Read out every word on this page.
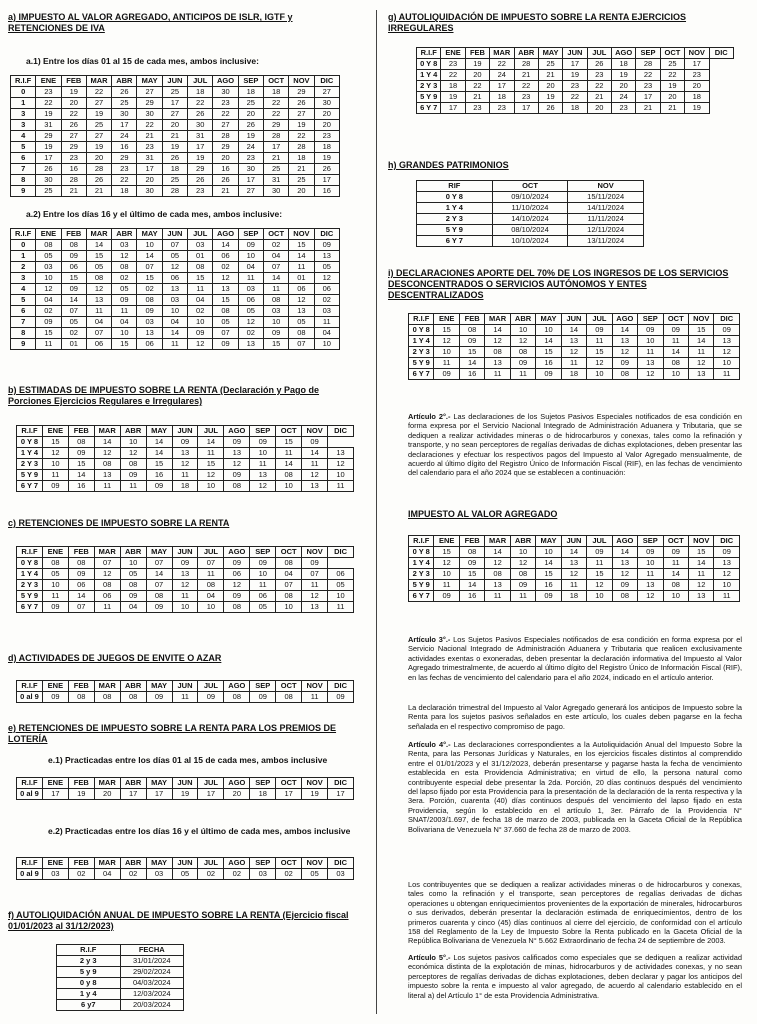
a) IMPUESTO AL VALOR AGREGADO, ANTICIPOS DE ISLR, IGTF y RETENCIONES DE IVA

a.1) Entre los días 01 al 15 de cada mes, ambos inclusive:

R.I.F	ENE	FEB	MAR	ABR	MAY	JUN	JUL	AGO	SEP	OCT	NOV	DIC
0	23	19	22	26	27	25	18	30	18	18	29	27
1	22	20	27	25	29	17	22	23	25	22	26	30
3	19	22	19	30	30	27	26	22	20	22	27	20
3	31	26	25	17	22	20	30	27	26	29	19	20
4	29	27	27	24	21	21	31	28	19	28	22	23
5	19	29	19	16	23	19	17	29	24	17	28	18
6	17	23	20	29	31	26	19	20	23	21	18	19
7	26	16	28	23	17	18	29	16	30	25	21	26
8	30	28	26	22	20	25	26	26	17	31	25	17
9	25	21	21	18	30	28	23	21	27	30	20	16

a.2) Entre los días 16 y el último de cada mes, ambos inclusive:

R.I.F	ENE	FEB	MAR	ABR	MAY	JUN	JUL	AGO	SEP	OCT	NOV	DIC
0	08	08	14	03	10	07	03	14	09	02	15	09
1	05	09	15	12	14	05	01	06	10	04	14	13
2	03	06	05	08	07	12	08	02	04	07	11	05
3	10	15	08	02	15	06	15	12	11	14	01	12
4	12	09	12	05	02	13	11	13	03	11	06	06
5	04	14	13	09	08	03	04	15	06	08	12	02
6	02	07	11	11	09	10	02	08	05	03	13	03
7	09	05	04	04	03	04	10	05	12	10	05	11
8	15	02	07	10	13	14	09	07	02	09	08	04
9	11	01	06	15	06	11	12	09	13	15	07	10

b) ESTIMADAS DE IMPUESTO SOBRE LA RENTA (Declaración y Pago de Porciones Ejercicios Regulares e Irregulares)

R.I.F	ENE	FEB	MAR	ABR	MAY	JUN	JUL	AGO	SEP	OCT	NOV	DIC
0 Y 8	15	08	14	10	14	09	14	09	09	15	09	
1 Y 4	12	09	12	12	14	13	11	13	10	11	14	13
2 Y 3	10	15	08	08	15	12	15	12	11	14	11	12
5 Y 9	11	14	13	09	16	11	12	09	13	08	12	10
6 Y 7	09	16	11	11	09	18	10	08	12	10	13	11

c) RETENCIONES DE IMPUESTO SOBRE LA RENTA

R.I.F	ENE	FEB	MAR	ABR	MAY	JUN	JUL	AGO	SEP	OCT	NOV	DIC
0 Y 8	08	08	07	10	07	09	07	09	09	08	09	
1 Y 4	05	09	12	05	14	13	11	06	10	04	07	06
2 Y 3	10	06	08	08	07	12	08	12	11	07	11	05
5 Y 9	11	14	06	09	08	11	04	09	06	08	12	10
6 Y 7	09	07	11	04	09	10	10	08	05	10	13	11

d) ACTIVIDADES DE JUEGOS DE ENVITE O AZAR

R.I.F	ENE	FEB	MAR	ABR	MAY	JUN	JUL	AGO	SEP	OCT	NOV	DIC
0 al 9	09	08	08	08	09	11	09	08	09	08	11	09

e) RETENCIONES DE IMPUESTO SOBRE LA RENTA PARA LOS PREMIOS DE LOTERÍA

e.1) Practicadas entre los días 01 al 15 de cada mes, ambos inclusive

R.I.F	ENE	FEB	MAR	ABR	MAY	JUN	JUL	AGO	SEP	OCT	NOV	DIC
0 al 9	17	19	20	17	17	19	17	20	18	17	19	17

e.2) Practicadas entre los días 16 y el último de cada mes, ambos inclusive

R.I.F	ENE	FEB	MAR	ABR	MAY	JUN	JUL	AGO	SEP	OCT	NOV	DIC
0 al 9	03	02	04	02	03	05	02	02	03	02	05	03

f) AUTOLIQUIDACIÓN ANUAL DE IMPUESTO SOBRE LA RENTA (Ejercicio fiscal 01/01/2023 al 31/12/2023)

R.I.F	FECHA
2 y 3	31/01/2024
5 y 9	29/02/2024
0 y 8	04/03/2024
1 y 4	12/03/2024
6 y7	20/03/2024

g) AUTOLIQUIDACIÓN DE IMPUESTO SOBRE LA RENTA EJERCICIOS IRREGULARES

R.I.F	ENE	FEB	MAR	ABR	MAY	JUN	JUL	AGO	SEP	OCT	NOV	DIC
0 Y 8	23	19	22	28	25	17	26	18	28	25	17	
1 Y 4	22	20	24	21	21	19	23	19	22	22	23	
2 Y 3	18	22	17	22	20	23	22	20	23	19	20	
5 Y 9	19	21	18	23	19	22	21	24	17	20	18	
6 Y 7	17	23	23	17	26	18	20	23	21	21	19	

h) GRANDES PATRIMONIOS

RIF	OCT	NOV
0 Y 8	09/10/2024	15/11/2024
1 Y 4	11/10/2024	14/11/2024
2 Y 3	14/10/2024	11/11/2024
5 Y 9	08/10/2024	12/11/2024
6 Y 7	10/10/2024	13/11/2024

i) DECLARACIONES APORTE DEL 70% DE LOS INGRESOS DE LOS SERVICIOS DESCONCENTRADOS O SERVICIOS AUTÓNOMOS Y ENTES DESCENTRALIZADOS

R.I.F	ENE	FEB	MAR	ABR	MAY	JUN	JUL	AGO	SEP	OCT	NOV	DIC
0 Y 8	15	08	14	10	10	14	09	14	09	09	15	09
1 Y 4	12	09	12	12	14	13	11	13	10	11	14	13
2 Y 3	10	15	08	08	15	12	15	12	11	14	11	12
5 Y 9	11	14	13	09	16	11	12	09	13	08	12	10
6 Y 7	09	16	11	11	09	18	10	08	12	10	13	11

Artículo 2°.- Las declaraciones de los Sujetos Pasivos Especiales notificados de esa condición en forma expresa por el Servicio Nacional Integrado de Administración Aduanera y Tributaria, que se dediquen a realizar actividades mineras o de hidrocarburos y conexas, tales como la refinación y transporte, y no sean perceptores de regalías derivadas de dichas explotaciones, deben presentar las declaraciones y efectuar los respectivos pagos del Impuesto al Valor Agregado mensualmente, de acuerdo al último dígito del Registro Único de Información Fiscal (RIF), en las fechas de vencimiento del calendario para el año 2024 que se establecen a continuación:

IMPUESTO AL VALOR AGREGADO

R.I.F	ENE	FEB	MAR	ABR	MAY	JUN	JUL	AGO	SEP	OCT	NOV	DIC
0 Y 8	15	08	14	10	10	14	09	14	09	09	15	09
1 Y 4	12	09	12	12	14	13	11	13	10	11	14	13
2 Y 3	10	15	08	08	15	12	15	12	11	14	11	12
5 Y 9	11	14	13	09	16	11	12	09	13	08	12	10
6 Y 7	09	16	11	11	09	18	10	08	12	10	13	11

Artículo 3°.- Los Sujetos Pasivos Especiales notificados de esa condición en forma expresa por el Servicio Nacional Integrado de Administración Aduanera y Tributaria que realicen exclusivamente actividades exentas o exoneradas, deben presentar la declaración informativa del Impuesto al Valor Agregado trimestralmente, de acuerdo al último dígito del Registro Único de Información Fiscal (RIF), en las fechas de vencimiento del calendario para el año 2024, indicado en el artículo anterior.

La declaración trimestral del Impuesto al Valor Agregado generará los anticipos de Impuesto sobre la Renta para los sujetos pasivos señalados en este artículo, los cuales deben pagarse en la fecha señalada en el respectivo compromiso de pago.

Artículo 4°.- Las declaraciones correspondientes a la Autoliquidación Anual del Impuesto Sobre la Renta, para las Personas Jurídicas y Naturales, en los ejercicios fiscales distintos al comprendido entre el 01/01/2023 y el 31/12/2023, deberán presentarse y pagarse hasta la fecha de vencimiento establecida en esta Providencia Administrativa; en virtud de ello, la persona natural como contribuyente especial debe presentar la 2da. Porción, 20 días continuos después del vencimiento del lapso fijado por esta Providencia para la presentación de la declaración de la renta respectiva y la 3era. Porción, cuarenta (40) días continuos después del vencimiento del lapso fijado en esta Providencia, según lo establecido en el artículo 1, 3er. Párrafo de la Providencia N° SNAT/2003/1.697, de fecha 18 de marzo de 2003, publicada en la Gaceta Oficial de la República Bolivariana de Venezuela N° 37.660 de fecha 28 de marzo de 2003.

Los contribuyentes que se dediquen a realizar actividades mineras o de hidrocarburos y conexas, tales como la refinación y el transporte, sean perceptores de regalías derivadas de dichas operaciones u obtengan enriquecimientos provenientes de la exportación de minerales, hidrocarburos o sus derivados, deberán presentar la declaración estimada de enriquecimientos, dentro de los primeros cuarenta y cinco (45) días continuos al cierre del ejercicio, de conformidad con el artículo 158 del Reglamento de la Ley de Impuesto Sobre la Renta publicado en la Gaceta Oficial de la República Bolivariana de Venezuela N° 5.662 Extraordinario de fecha 24 de septiembre de 2003.

Artículo 5°.- Los sujetos pasivos calificados como especiales que se dediquen a realizar actividad económica distinta de la explotación de minas, hidrocarburos y de actividades conexas, y no sean perceptores de regalías derivadas de dichas explotaciones, deben declarar y pagar los anticipos del impuesto sobre la renta e impuesto al valor agregado, de acuerdo al calendario establecido en el literal a) del Artículo 1° de esta Providencia Administrativa.
